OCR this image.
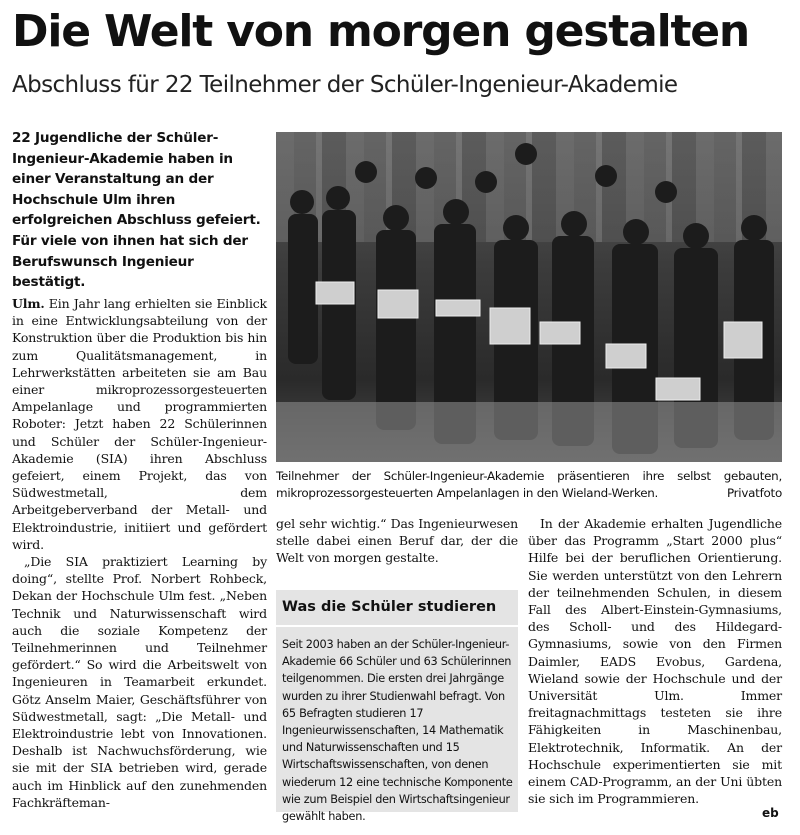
Die Welt von morgen gestalten
Abschluss für 22 Teilnehmer der Schüler-Ingenieur-Akademie
22 Jugendliche der Schüler-Ingenieur-Akademie haben in einer Veranstaltung an der Hochschule Ulm ihren erfolgreichen Abschluss gefeiert. Für viele von ihnen hat sich der Berufswunsch Ingenieur bestätigt.

Ulm. Ein Jahr lang erhielten sie Einblick in eine Entwicklungsabteilung von der Konstruktion über die Produktion bis hin zum Qualitätsmanagement, in Lehrwerkstätten arbeiteten sie am Bau einer mikroprozessorgesteuerten Ampelanlage und programmierten Roboter: Jetzt haben 22 Schülerinnen und Schüler der Schüler-Ingenieur-Akademie (SIA) ihren Abschluss gefeiert, einem Projekt, das von Südwestmetall, dem Arbeitgeberverband der Metall- und Elektroindustrie, initiiert und gefördert wird.

„Die SIA praktiziert Learning by doing“, stellte Prof. Norbert Rohbeck, Dekan der Hochschule Ulm fest. „Neben Technik und Naturwissenschaft wird auch die soziale Kompetenz der Teilnehmerinnen und Teilnehmer gefördert.“ So wird die Arbeitswelt von Ingenieuren in Teamarbeit erkundet. Götz Anselm Maier, Geschäftsführer von Südwestmetall, sagt: „Die Metall- und Elektroindustrie lebt von Innovationen. Deshalb ist Nachwuchsförderung, wie sie mit der SIA betrieben wird, gerade auch im Hinblick auf den zunehmenden Fachkräfteman-

Teilnehmer der Schüler-Ingenieur-Akademie präsentieren ihre selbst gebauten, mikroprozessorgesteuerten Ampelanlagen in den Wieland-Werken.	Privatfoto

gel sehr wichtig.“ Das Ingenieurwesen stelle dabei einen Beruf dar, der die Welt von morgen gestalte.

Was die Schüler studieren
Seit 2003 haben an der Schüler-Ingenieur-Akademie 66 Schüler und 63 Schülerinnen teilgenommen. Die ersten drei Jahrgänge wurden zu ihrer Studienwahl befragt. Von 65 Befragten studieren 17 Ingenieurwissenschaften, 14 Mathematik und Naturwissenschaften und 15 Wirtschaftswissenschaften, von denen wiederum 12 eine technische Komponente wie zum Beispiel den Wirtschaftsingenieur gewählt haben.

In der Akademie erhalten Jugendliche über das Programm „Start 2000 plus“ Hilfe bei der beruflichen Orientierung. Sie werden unterstützt von den Lehrern der teilnehmenden Schulen, in diesem Fall des Albert-Einstein-Gymnasiums, des Scholl- und des Hildegard-Gymnasiums, sowie von den Firmen Daimler, EADS Evobus, Gardena, Wieland sowie der Hochschule und der Universität Ulm. Immer freitagnachmittags testeten sie ihre Fähigkeiten in Maschinenbau, Elektrotechnik, Informatik. An der Hochschule experimentierten sie mit einem CAD-Programm, an der Uni übten sie sich im Programmieren.

eb
